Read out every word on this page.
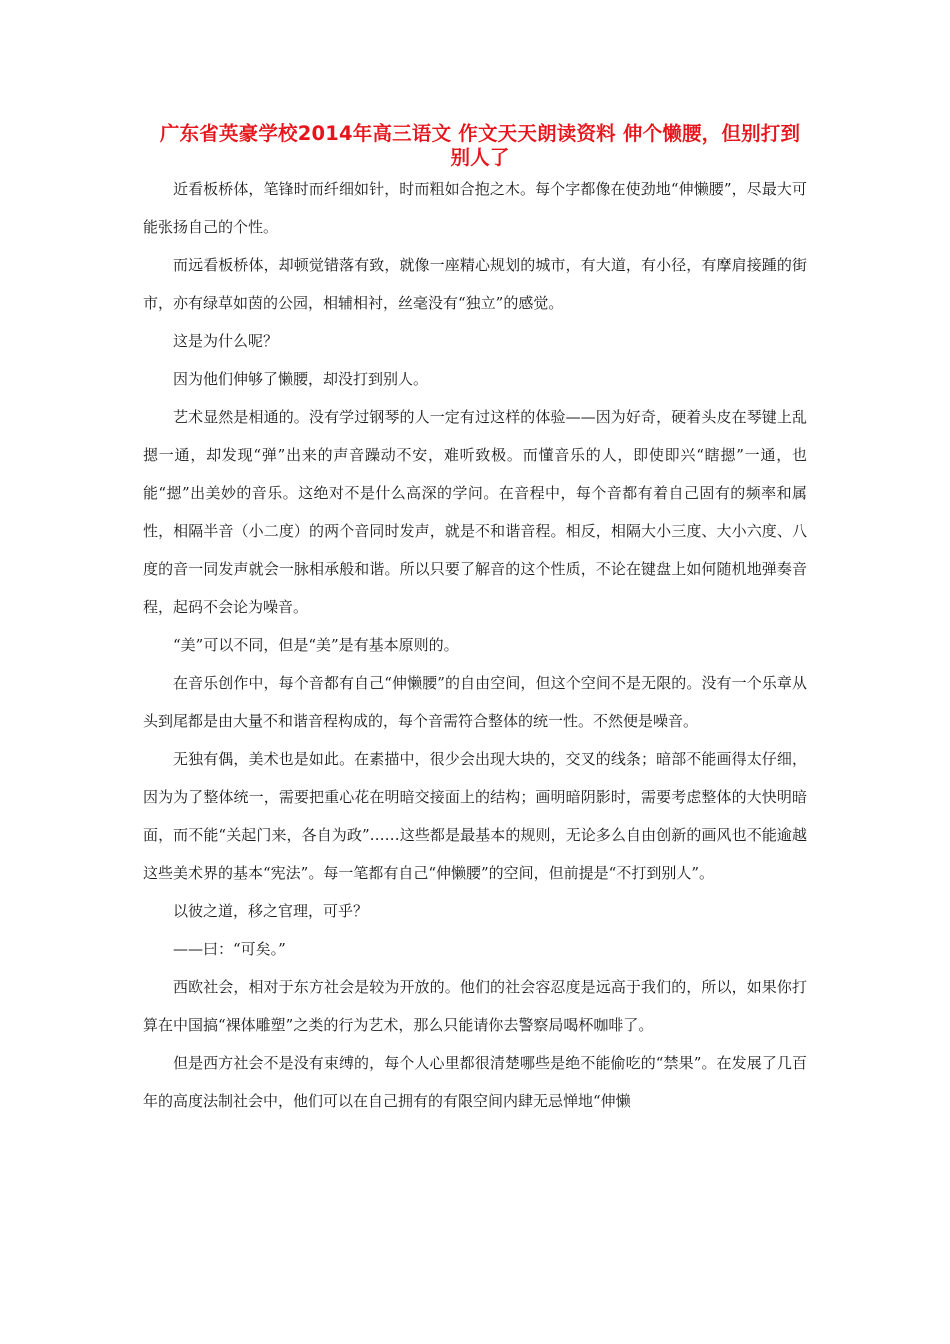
广东省英豪学校2014年高三语文 作文天天朗读资料 伸个懒腰，但别打到别人了

近看板桥体，笔锋时而纤细如针，时而粗如合抱之木。每个字都像在使劲地“伸懒腰”，尽最大可能张扬自己的个性。

而远看板桥体，却顿觉错落有致，就像一座精心规划的城市，有大道，有小径，有摩肩接踵的街市，亦有绿草如茵的公园，相辅相衬，丝毫没有“独立”的感觉。

这是为什么呢？

因为他们伸够了懒腰，却没打到别人。

艺术显然是相通的。没有学过钢琴的人一定有过这样的体验——因为好奇，硬着头皮在琴键上乱摁一通，却发现“弹”出来的声音躁动不安，难听致极。而懂音乐的人，即使即兴“瞎摁”一通，也能“摁”出美妙的音乐。这绝对不是什么高深的学问。在音程中，每个音都有着自己固有的频率和属性，相隔半音（小二度）的两个音同时发声，就是不和谐音程。相反，相隔大小三度、大小六度、八度的音一同发声就会一脉相承般和谐。所以只要了解音的这个性质，不论在键盘上如何随机地弹奏音程，起码不会论为噪音。

“美”可以不同，但是“美”是有基本原则的。

在音乐创作中，每个音都有自己“伸懒腰”的自由空间，但这个空间不是无限的。没有一个乐章从头到尾都是由大量不和谐音程构成的，每个音需符合整体的统一性。不然便是噪音。

无独有偶，美术也是如此。在素描中，很少会出现大块的，交叉的线条；暗部不能画得太仔细，因为为了整体统一，需要把重心花在明暗交接面上的结构；画明暗阴影时，需要考虑整体的大快明暗面，而不能“关起门来，各自为政”……这些都是最基本的规则，无论多么自由创新的画风也不能逾越这些美术界的基本“宪法”。每一笔都有自己“伸懒腰”的空间，但前提是“不打到别人”。

以彼之道，移之官理，可乎？

——曰：“可矣。”

西欧社会，相对于东方社会是较为开放的。他们的社会容忍度是远高于我们的，所以，如果你打算在中国搞“裸体雕塑”之类的行为艺术，那么只能请你去警察局喝杯咖啡了。

但是西方社会不是没有束缚的，每个人心里都很清楚哪些是绝不能偷吃的“禁果”。在发展了几百年的高度法制社会中，他们可以在自己拥有的有限空间内肆无忌惮地“伸懒
